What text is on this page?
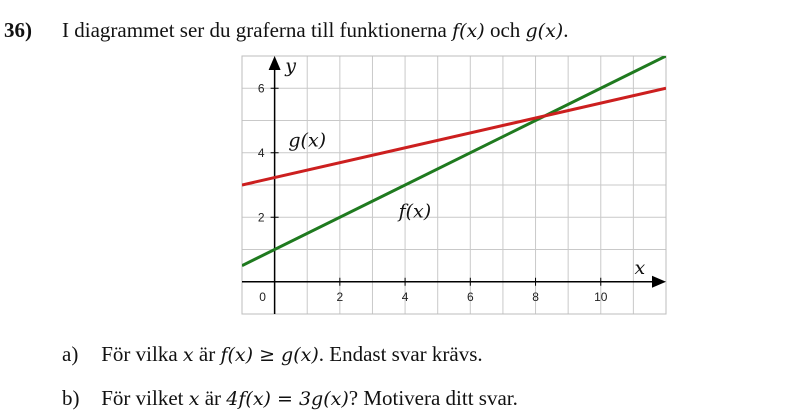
36) I diagrammet ser du graferna till funktionerna f(x) och g(x).
0	2	4	6	8	10
2
4
6
x
y
f(x)
g(x)
a) För vilka x är f(x) ≥ g(x). Endast svar krävs.
b) För vilket x är 4f(x) = 3g(x)? Motivera ditt svar.
